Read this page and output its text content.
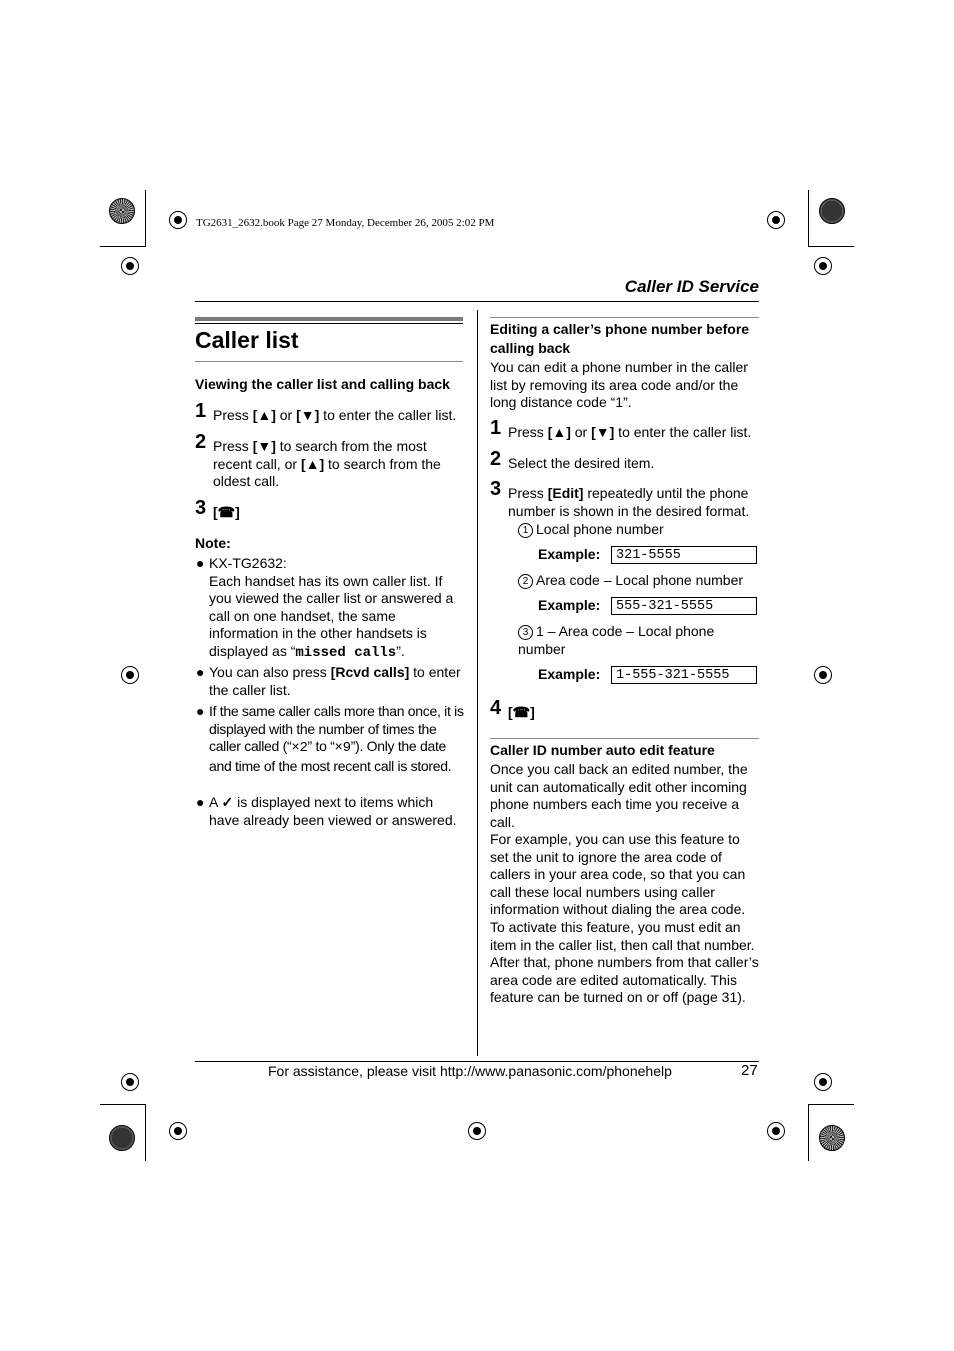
TG2631_2632.book Page 27 Monday, December 26, 2005 2:02 PM
Caller ID Service
Caller list
Viewing the caller list and calling back
1 Press [▲] or [▼] to enter the caller list.
2 Press [▼] to search from the most recent call, or [▲] to search from the oldest call.
3 [☎]
Note:
● KX-TG2632:
Each handset has its own caller list. If you viewed the caller list or answered a call on one handset, the same information in the other handsets is displayed as “missed calls”.
● You can also press [Rcvd calls] to enter the caller list.
● If the same caller calls more than once, it is displayed with the number of times the caller called (“×2” to “×9”). Only the date and time of the most recent call is stored.
● A ✓ is displayed next to items which have already been viewed or answered.
Editing a caller’s phone number before calling back
You can edit a phone number in the caller list by removing its area code and/or the long distance code “1”.
1 Press [▲] or [▼] to enter the caller list.
2 Select the desired item.
3 Press [Edit] repeatedly until the phone number is shown in the desired format.
1 Local phone number
Example:	321-5555
2 Area code – Local phone number
Example:	555-321-5555
3 1 – Area code – Local phone number
Example:	1-555-321-5555
4 [☎]
Caller ID number auto edit feature
Once you call back an edited number, the unit can automatically edit other incoming phone numbers each time you receive a call.
For example, you can use this feature to set the unit to ignore the area code of callers in your area code, so that you can call these local numbers using caller information without dialing the area code.
To activate this feature, you must edit an item in the caller list, then call that number. After that, phone numbers from that caller’s area code are edited automatically. This feature can be turned on or off (page 31).
For assistance, please visit http://www.panasonic.com/phonehelp	27
